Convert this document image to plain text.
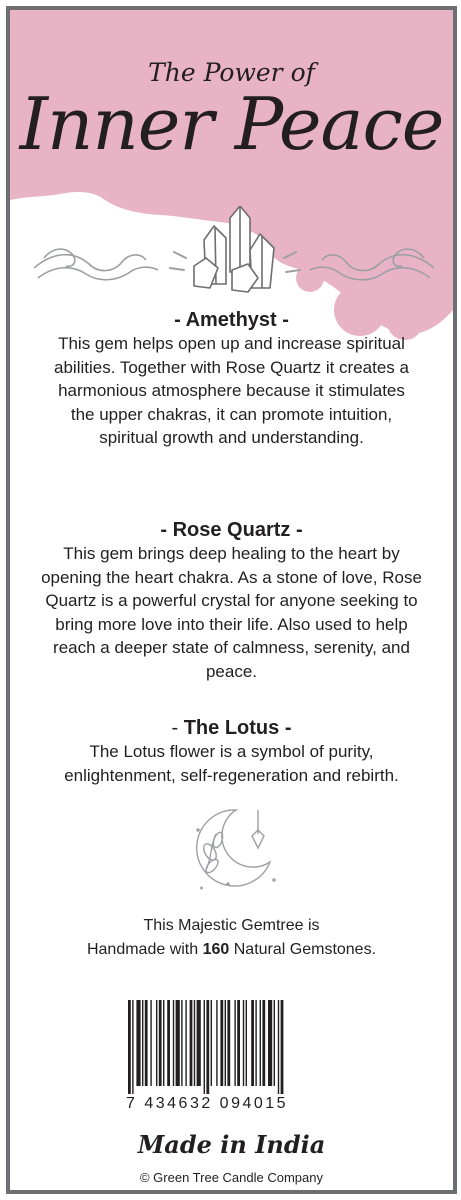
The Power of
Inner Peace
- Amethyst -

This gem helps open up and increase spiritual abilities. Together with Rose Quartz it creates a harmonious atmosphere because it stimulates the upper chakras, it can promote intuition, spiritual growth and understanding.

- Rose Quartz -

This gem brings deep healing to the heart by opening the heart chakra. As a stone of love, Rose Quartz is a powerful crystal for anyone seeking to bring more love into their life. Also used to help reach a deeper state of calmness, serenity, and peace.

- The Lotus -

The Lotus flower is a symbol of purity, enlightenment, self-regeneration and rebirth.

This Majestic Gemtree is
Handmade with 160 Natural Gemstones.
7 434632 094015
Made in India
© Green Tree Candle Company
